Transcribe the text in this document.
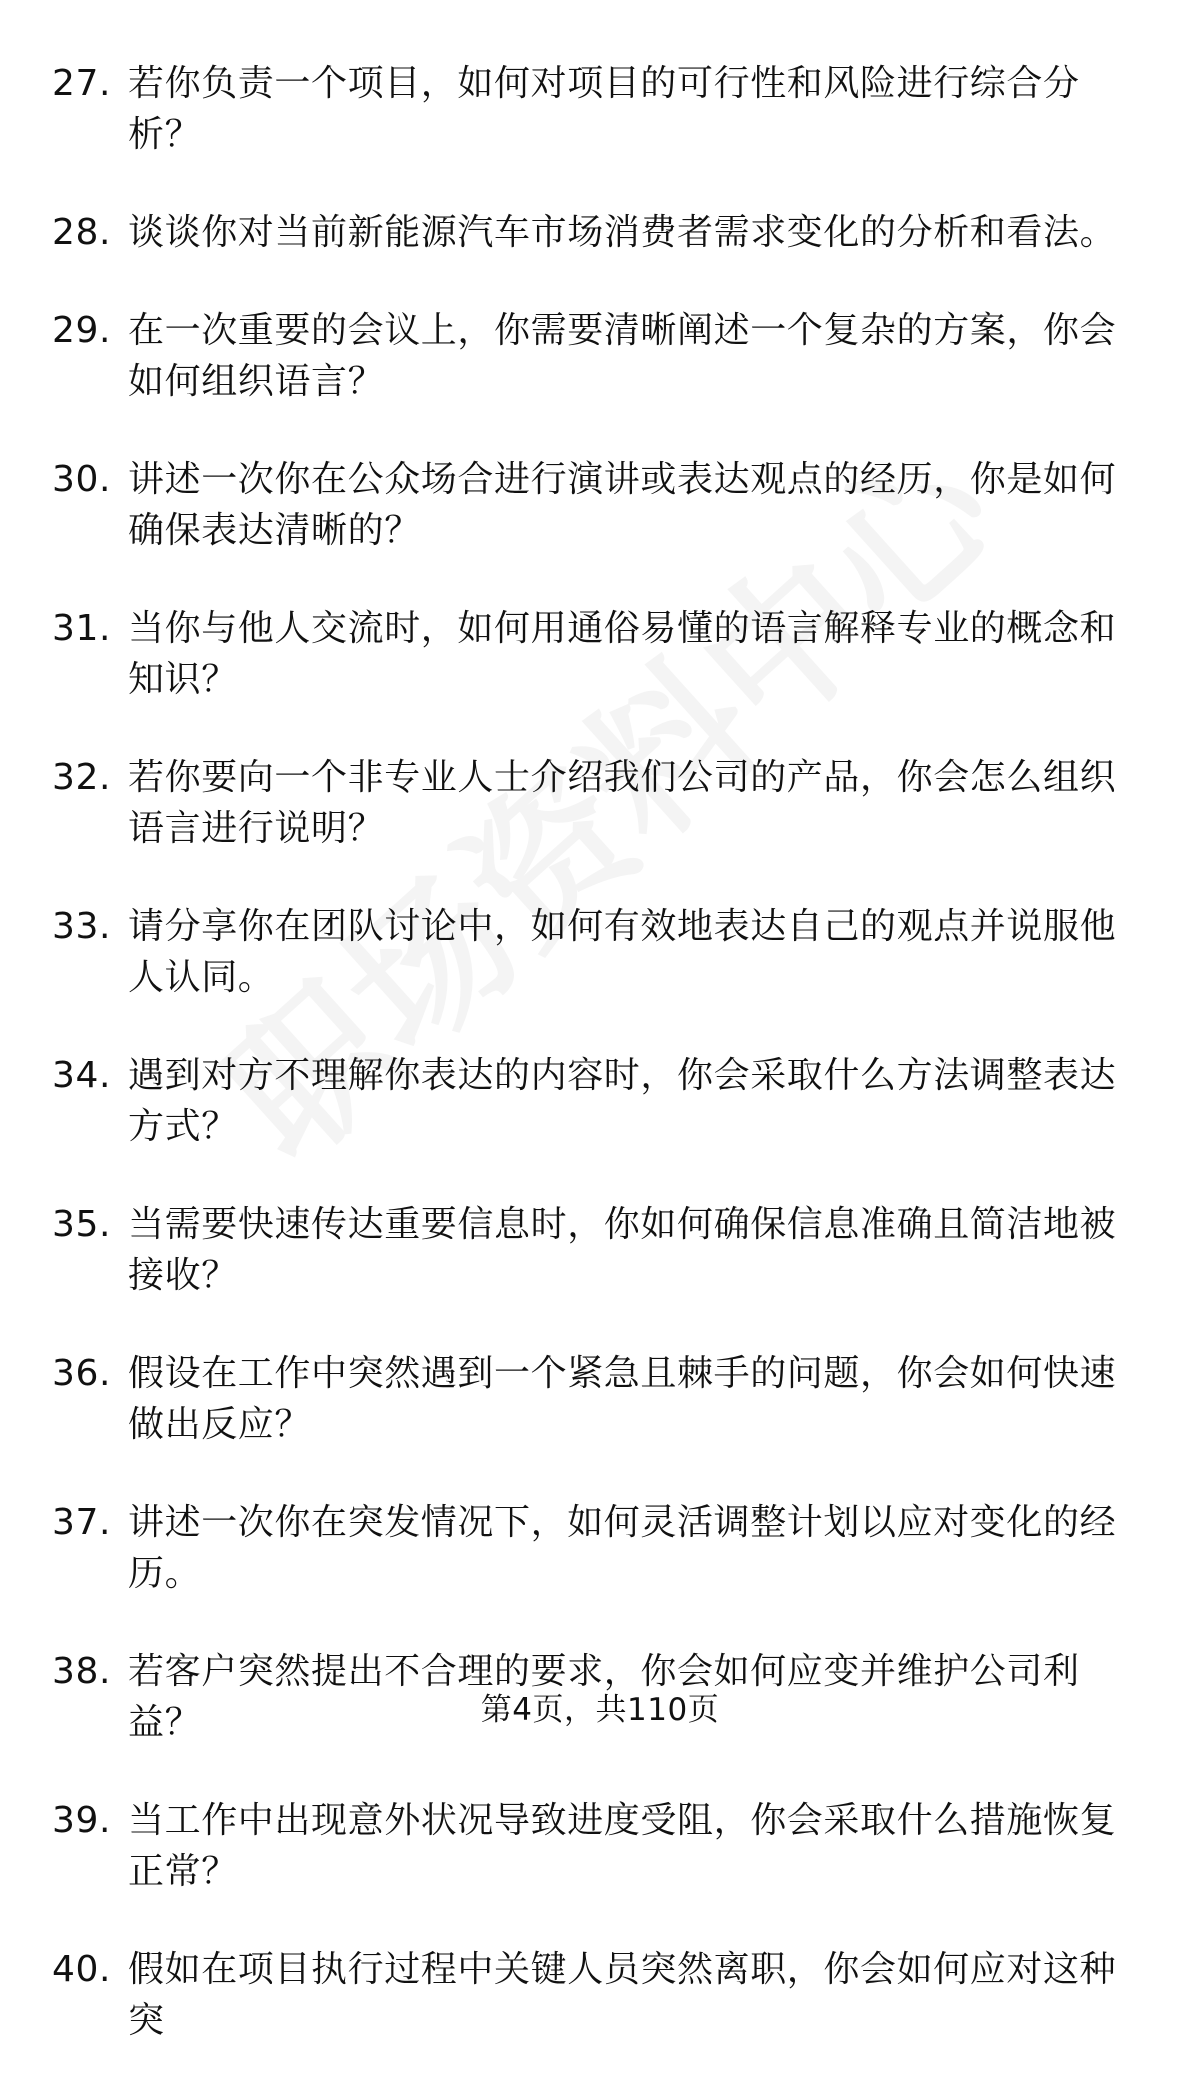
27. 若你负责一个项目，如何对项目的可行性和风险进行综合分析？
28. 谈谈你对当前新能源汽车市场消费者需求变化的分析和看法。
29. 在一次重要的会议上，你需要清晰阐述一个复杂的方案，你会如何组织语言？
30. 讲述一次你在公众场合进行演讲或表达观点的经历，你是如何确保表达清晰的？
31. 当你与他人交流时，如何用通俗易懂的语言解释专业的概念和知识？
32. 若你要向一个非专业人士介绍我们公司的产品，你会怎么组织语言进行说明？
33. 请分享你在团队讨论中，如何有效地表达自己的观点并说服他人认同。
34. 遇到对方不理解你表达的内容时，你会采取什么方法调整表达方式？
35. 当需要快速传达重要信息时，你如何确保信息准确且简洁地被接收？
36. 假设在工作中突然遇到一个紧急且棘手的问题，你会如何快速做出反应？
37. 讲述一次你在突发情况下，如何灵活调整计划以应对变化的经历。
38. 若客户突然提出不合理的要求，你会如何应变并维护公司利益？
39. 当工作中出现意外状况导致进度受阻，你会采取什么措施恢复正常？
40. 假如在项目执行过程中关键人员突然离职，你会如何应对这种突
第4页，共110页
